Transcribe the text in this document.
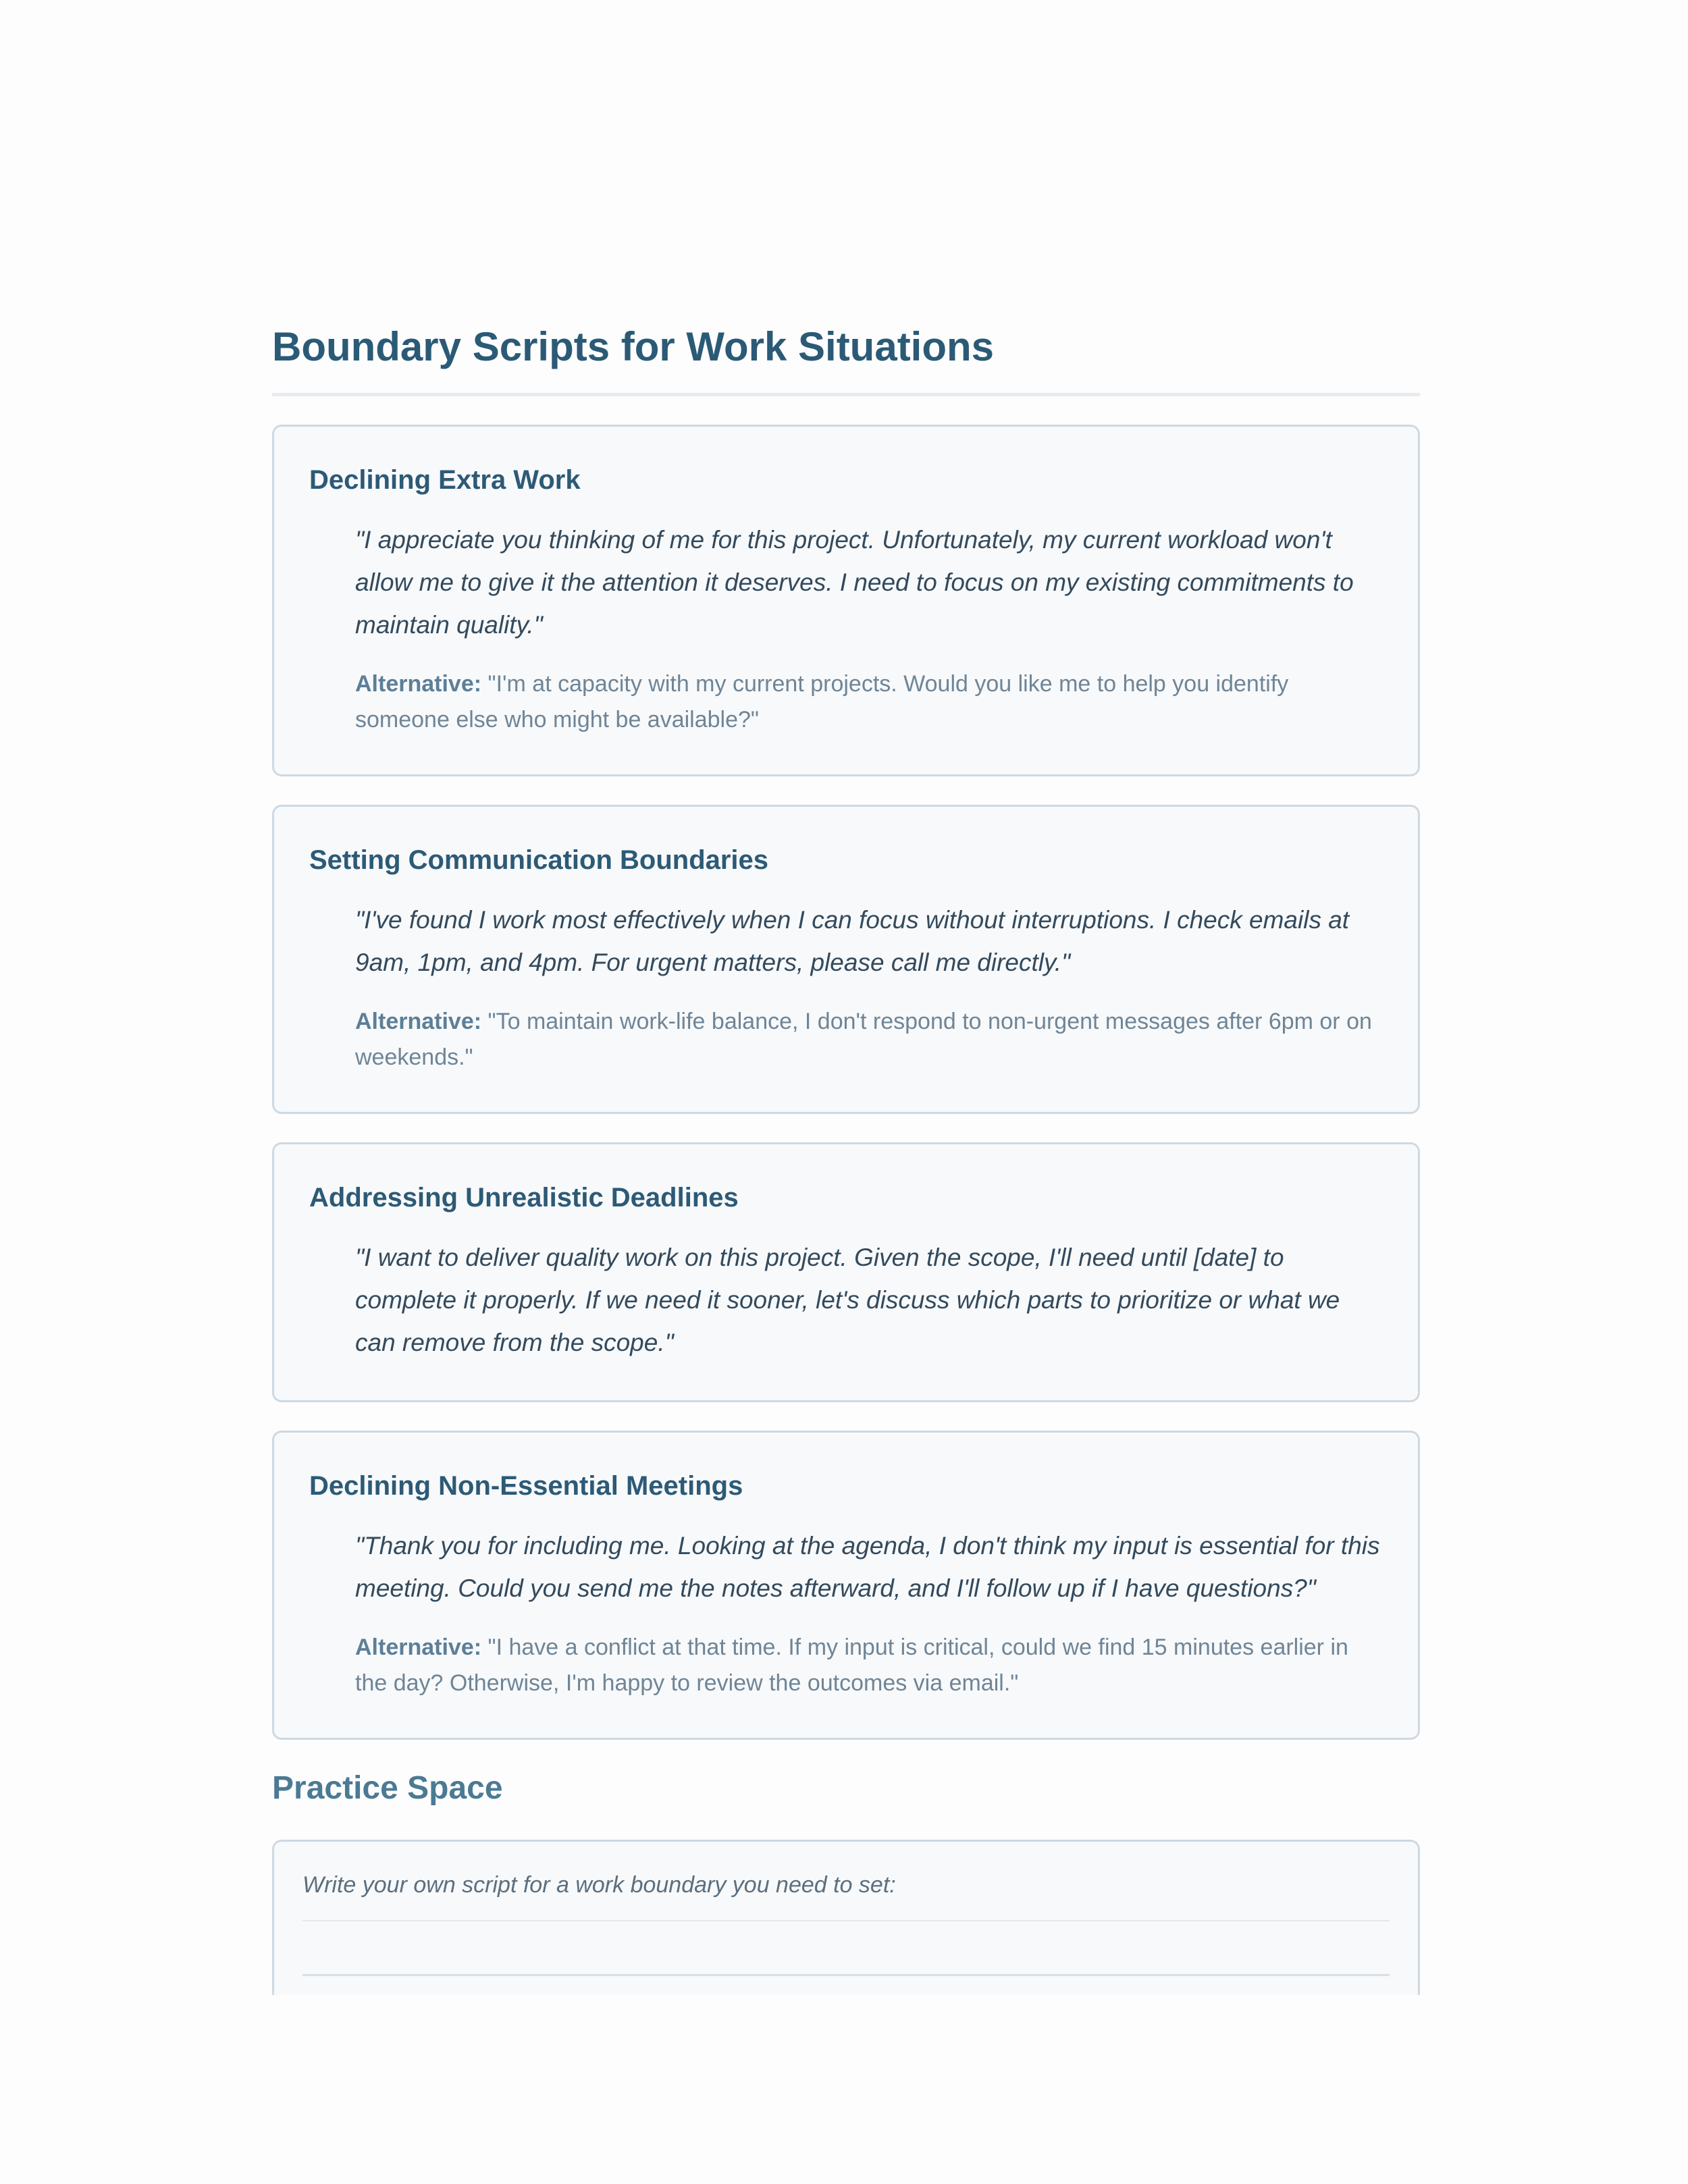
Boundary Scripts for Work Situations
Declining Extra Work

"I appreciate you thinking of me for this project. Unfortunately, my current workload won't allow me to give it the attention it deserves. I need to focus on my existing commitments to maintain quality."

Alternative: "I'm at capacity with my current projects. Would you like me to help you identify someone else who might be available?"

Setting Communication Boundaries

"I've found I work most effectively when I can focus without interruptions. I check emails at 9am, 1pm, and 4pm. For urgent matters, please call me directly."

Alternative: "To maintain work-life balance, I don't respond to non-urgent messages after 6pm or on weekends."

Addressing Unrealistic Deadlines

"I want to deliver quality work on this project. Given the scope, I'll need until [date] to complete it properly. If we need it sooner, let's discuss which parts to prioritize or what we can remove from the scope."

Declining Non-Essential Meetings

"Thank you for including me. Looking at the agenda, I don't think my input is essential for this meeting. Could you send me the notes afterward, and I'll follow up if I have questions?"

Alternative: "I have a conflict at that time. If my input is critical, could we find 15 minutes earlier in the day? Otherwise, I'm happy to review the outcomes via email."

Practice Space

Write your own script for a work boundary you need to set:
